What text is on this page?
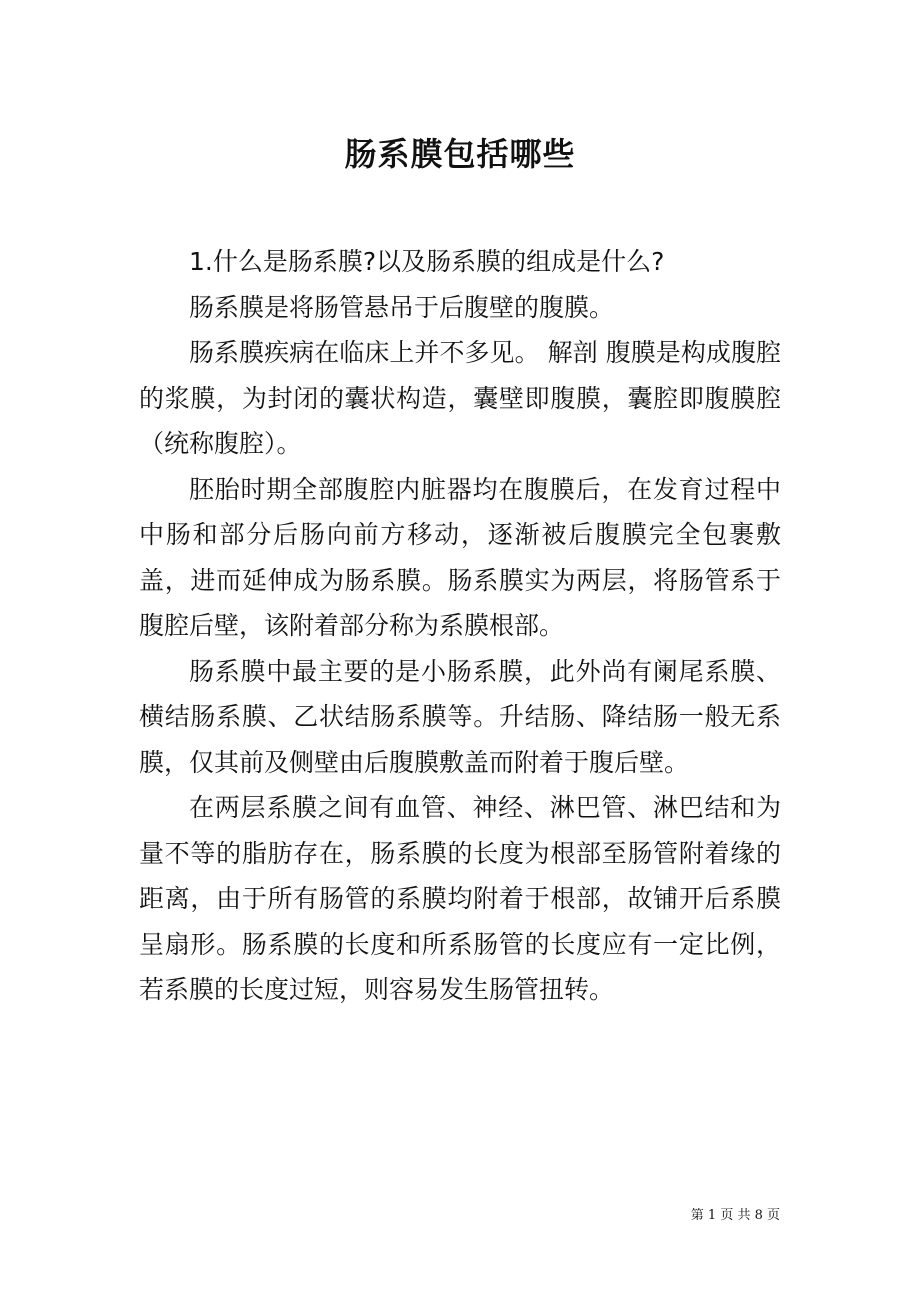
肠系膜包括哪些

1.什么是肠系膜?以及肠系膜的组成是什么?

肠系膜是将肠管悬吊于后腹壁的腹膜。

肠系膜疾病在临床上并不多见。 解剖 腹膜是构成腹腔的浆膜，为封闭的囊状构造，囊壁即腹膜，囊腔即腹膜腔（统称腹腔）。

胚胎时期全部腹腔内脏器均在腹膜后，在发育过程中中肠和部分后肠向前方移动，逐渐被后腹膜完全包裹敷盖，进而延伸成为肠系膜。肠系膜实为两层，将肠管系于腹腔后壁，该附着部分称为系膜根部。

肠系膜中最主要的是小肠系膜，此外尚有阑尾系膜、横结肠系膜、乙状结肠系膜等。升结肠、降结肠一般无系膜，仅其前及侧壁由后腹膜敷盖而附着于腹后壁。

在两层系膜之间有血管、神经、淋巴管、淋巴结和为量不等的脂肪存在，肠系膜的长度为根部至肠管附着缘的距离，由于所有肠管的系膜均附着于根部，故铺开后系膜呈扇形。肠系膜的长度和所系肠管的长度应有一定比例，若系膜的长度过短，则容易发生肠管扭转。

第 1 页 共 8 页
